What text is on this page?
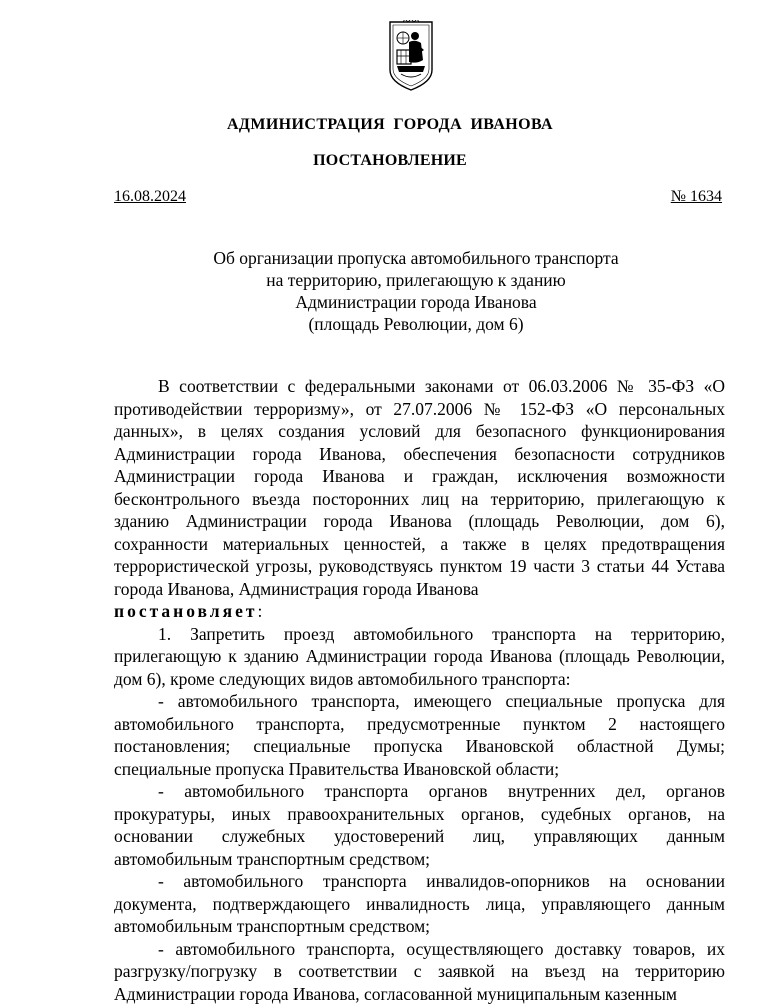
АДМИНИСТРАЦИЯ ГОРОДА ИВАНОВА
ПОСТАНОВЛЕНИЕ
16.08.2024	№ 1634
Об организации пропуска автомобильного транспорта
на территорию, прилегающую к зданию
Администрации города Иванова
(площадь Революции, дом 6)

В соответствии с федеральными законами от 06.03.2006 № 35-ФЗ «О противодействии терроризму», от 27.07.2006 № 152-ФЗ «О персональных данных», в целях создания условий для безопасного функционирования Администрации города Иванова, обеспечения безопасности сотрудников Администрации города Иванова и граждан, исключения возможности бесконтрольного въезда посторонних лиц на территорию, прилегающую к зданию Администрации города Иванова (площадь Революции, дом 6), сохранности материальных ценностей, а также в целях предотвращения террористической угрозы, руководствуясь пунктом 19 части 3 статьи 44 Устава города Иванова, Администрация города Иванова

постановляет:

1. Запретить проезд автомобильного транспорта на территорию, прилегающую к зданию Администрации города Иванова (площадь Революции, дом 6), кроме следующих видов автомобильного транспорта:

- автомобильного транспорта, имеющего специальные пропуска для автомобильного транспорта, предусмотренные пунктом 2 настоящего постановления; специальные пропуска Ивановской областной Думы; специальные пропуска Правительства Ивановской области;

- автомобильного транспорта органов внутренних дел, органов прокуратуры, иных правоохранительных органов, судебных органов, на основании служебных удостоверений лиц, управляющих данным автомобильным транспортным средством;

- автомобильного транспорта инвалидов-опорников на основании документа, подтверждающего инвалидность лица, управляющего данным автомобильным транспортным средством;

- автомобильного транспорта, осуществляющего доставку товаров, их разгрузку/погрузку в соответствии с заявкой на въезд на территорию Администрации города Иванова, согласованной муниципальным казенным
